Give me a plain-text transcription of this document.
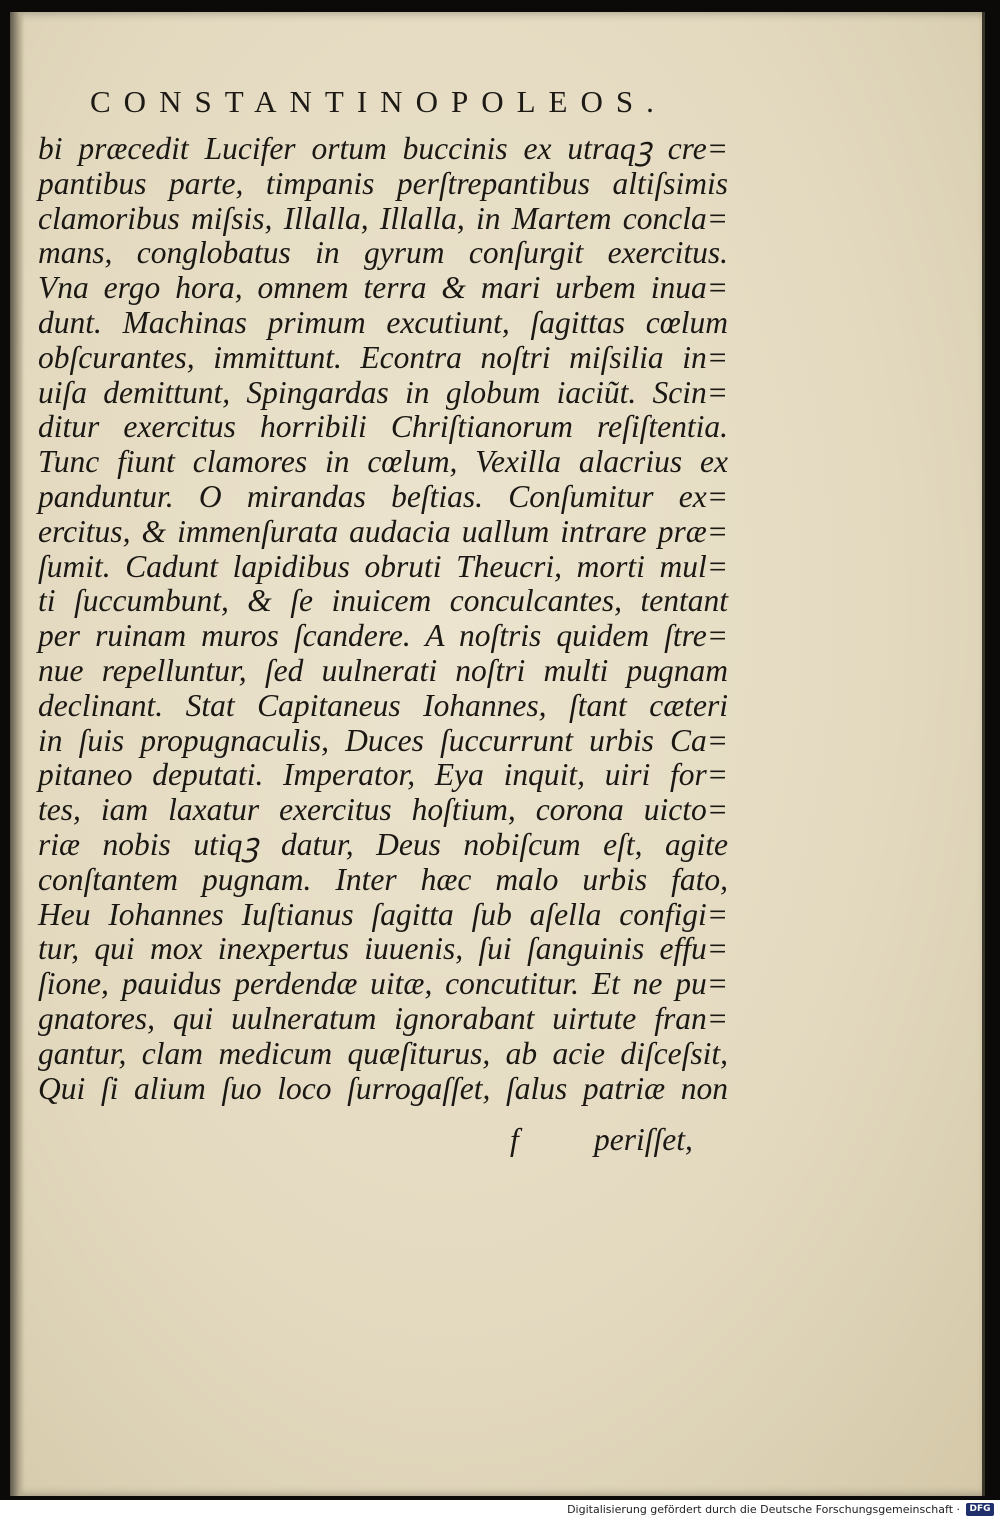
CONSTANTINOPOLEOS.
bi præcedit Lucifer ortum buccinis ex utraqꝫ cre=
pantibus parte, timpanis perſtrepantibus altiſsimis
clamoribus miſsis, Illalla, Illalla, in Martem concla=
mans, conglobatus in gyrum conſurgit exercitus.
Vna ergo hora, omnem terra & mari urbem inua=
dunt. Machinas primum excutiunt, ſagittas cœlum
obſcurantes, immittunt. Econtra noſtri miſsilia in=
uiſa demittunt, Spingardas in globum iaciũt. Scin=
ditur exercitus horribili Chriſtianorum reſiſtentia.
Tunc fiunt clamores in cœlum, Vexilla alacrius ex
panduntur. O mirandas beſtias. Conſumitur ex=
ercitus, & immenſurata audacia uallum intrare præ=
ſumit. Cadunt lapidibus obruti Theucri, morti mul=
ti ſuccumbunt, & ſe inuicem conculcantes, tentant
per ruinam muros ſcandere. A noſtris quidem ſtre=
nue repelluntur, ſed uulnerati noſtri multi pugnam
declinant. Stat Capitaneus Iohannes, ſtant cæteri
in ſuis propugnaculis, Duces ſuccurrunt urbis Ca=
pitaneo deputati. Imperator, Eya inquit, uiri for=
tes, iam laxatur exercitus hoſtium, corona uicto=
riæ nobis utiqꝫ datur, Deus nobiſcum eſt, agite
conſtantem pugnam. Inter hæc malo urbis fato,
Heu Iohannes Iuſtianus ſagitta ſub aſella configi=
tur, qui mox inexpertus iuuenis, ſui ſanguinis effu=
ſione, pauidus perdendæ uitæ, concutitur. Et ne pu=
gnatores, qui uulneratum ignorabant uirtute fran=
gantur, clam medicum quæſiturus, ab acie diſceſsit,
Qui ſi alium ſuo loco ſurrogaſſet, ſalus patriæ non
f periſſet,
Digitalisierung gefördert durch die Deutsche Forschungsgemeinschaft ·	DFG
